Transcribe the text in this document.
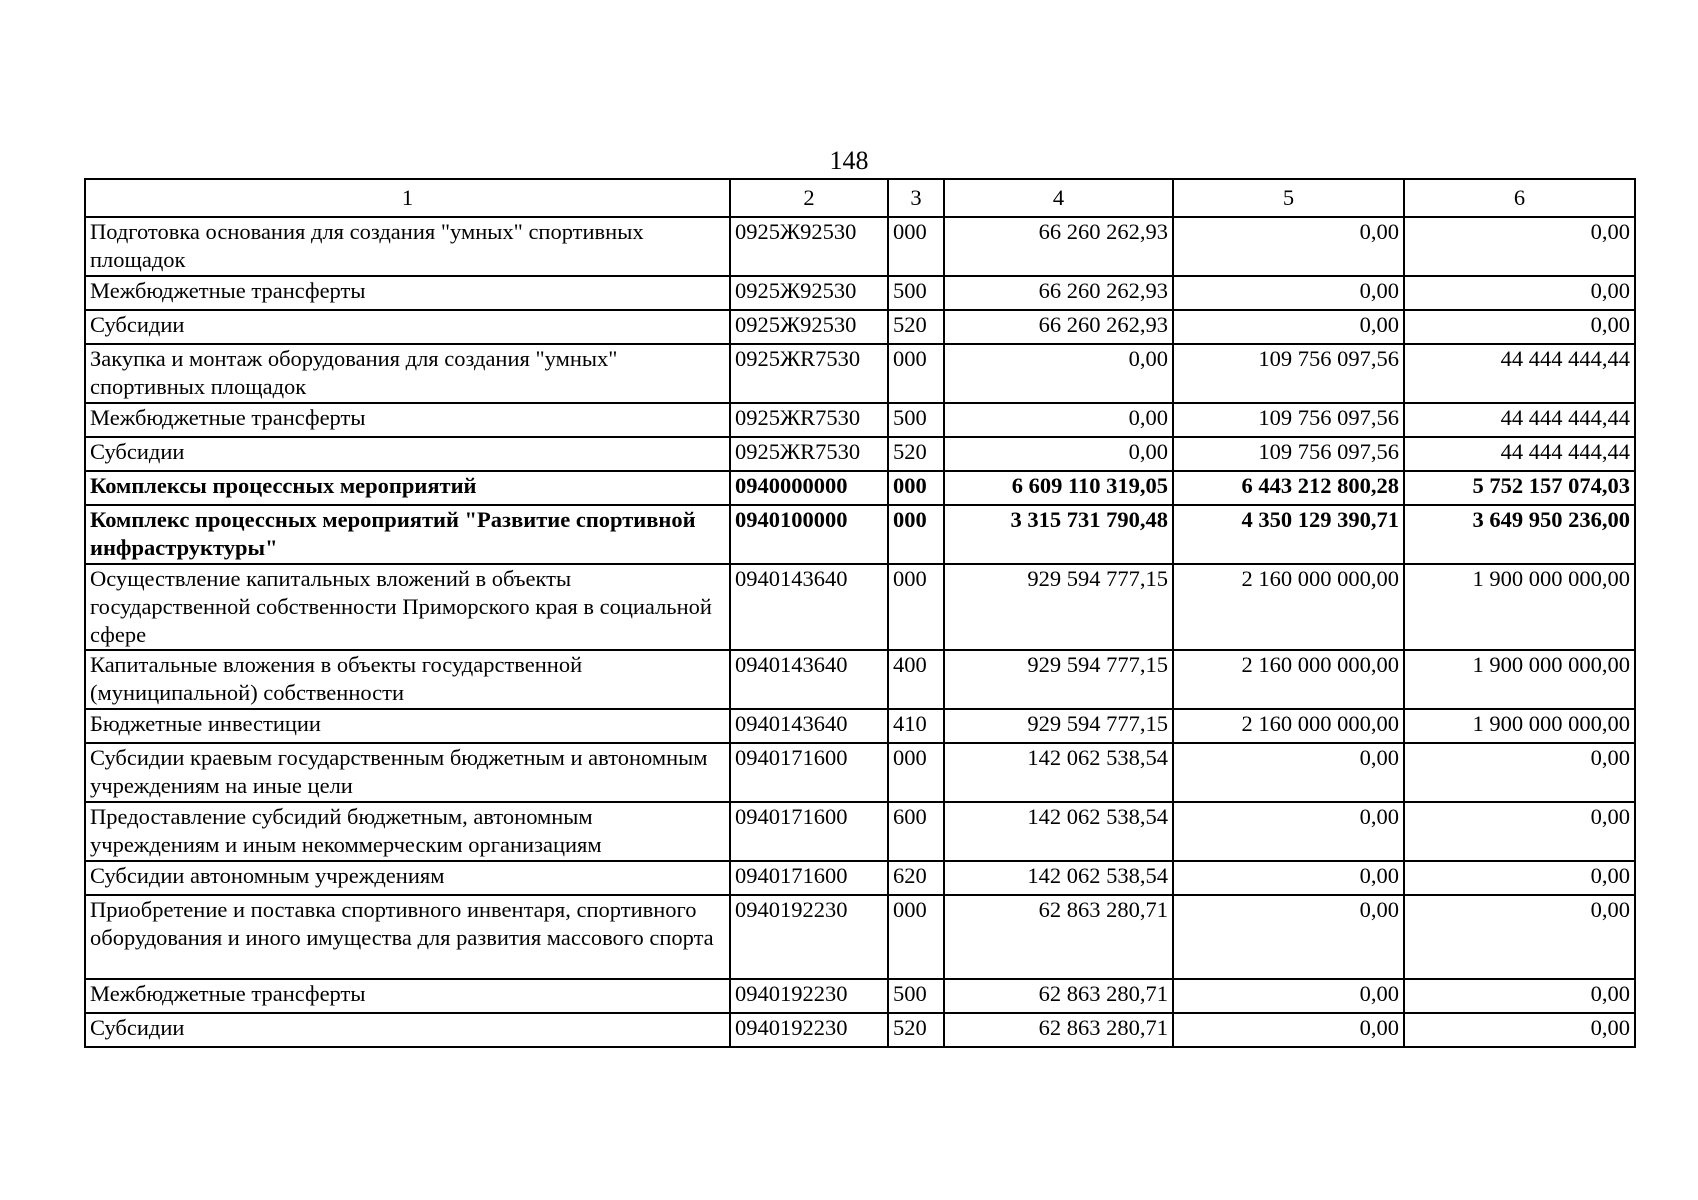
148
1	2	3	4	5	6
Подготовка основания для создания "умных" спортивных площадок	0925Ж92530	000	66 260 262,93	0,00	0,00
Межбюджетные трансферты	0925Ж92530	500	66 260 262,93	0,00	0,00
Субсидии	0925Ж92530	520	66 260 262,93	0,00	0,00
Закупка и монтаж оборудования для создания "умных" спортивных площадок	0925ЖR7530	000	0,00	109 756 097,56	44 444 444,44
Межбюджетные трансферты	0925ЖR7530	500	0,00	109 756 097,56	44 444 444,44
Субсидии	0925ЖR7530	520	0,00	109 756 097,56	44 444 444,44
Комплексы процессных мероприятий	0940000000	000	6 609 110 319,05	6 443 212 800,28	5 752 157 074,03
Комплекс процессных мероприятий "Развитие спортивной инфраструктуры"	0940100000	000	3 315 731 790,48	4 350 129 390,71	3 649 950 236,00
Осуществление капитальных вложений в объекты государственной собственности Приморского края в социальной сфере	0940143640	000	929 594 777,15	2 160 000 000,00	1 900 000 000,00
Капитальные вложения в объекты государственной (муниципальной) собственности	0940143640	400	929 594 777,15	2 160 000 000,00	1 900 000 000,00
Бюджетные инвестиции	0940143640	410	929 594 777,15	2 160 000 000,00	1 900 000 000,00
Субсидии краевым государственным бюджетным и автономным учреждениям на иные цели	0940171600	000	142 062 538,54	0,00	0,00
Предоставление субсидий бюджетным, автономным учреждениям и иным некоммерческим организациям	0940171600	600	142 062 538,54	0,00	0,00
Субсидии автономным учреждениям	0940171600	620	142 062 538,54	0,00	0,00
Приобретение и поставка спортивного инвентаря, спортивного оборудования и иного имущества для развития массового спорта	0940192230	000	62 863 280,71	0,00	0,00
Межбюджетные трансферты	0940192230	500	62 863 280,71	0,00	0,00
Субсидии	0940192230	520	62 863 280,71	0,00	0,00
